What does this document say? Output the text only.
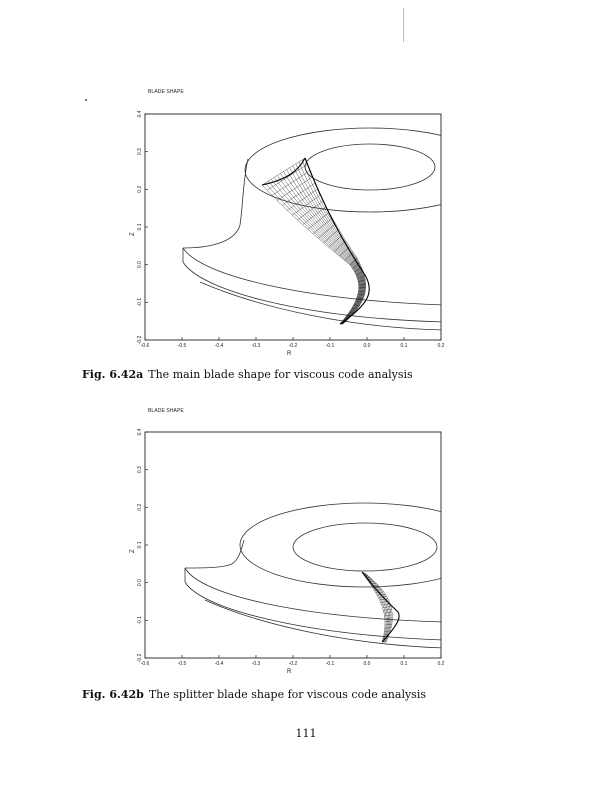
BLADE SHAPE
-0.6	-0.5	-0.4	-0.3	-0.2	-0.1	0.0	0.1	0.2
-0.2
-0.1
0.0
0.1
0.2
0.3
0.4
R
Z
Fig. 6.42a The main blade shape for viscous code analysis
BLADE SHAPE
-0.6	-0.5	-0.4	-0.3	-0.2	-0.1	0.0	0.1	0.2
-0.2
-0.1
0.0
0.1
0.2
0.3
0.4
R
Z
Fig. 6.42b The splitter blade shape for viscous code analysis
111
